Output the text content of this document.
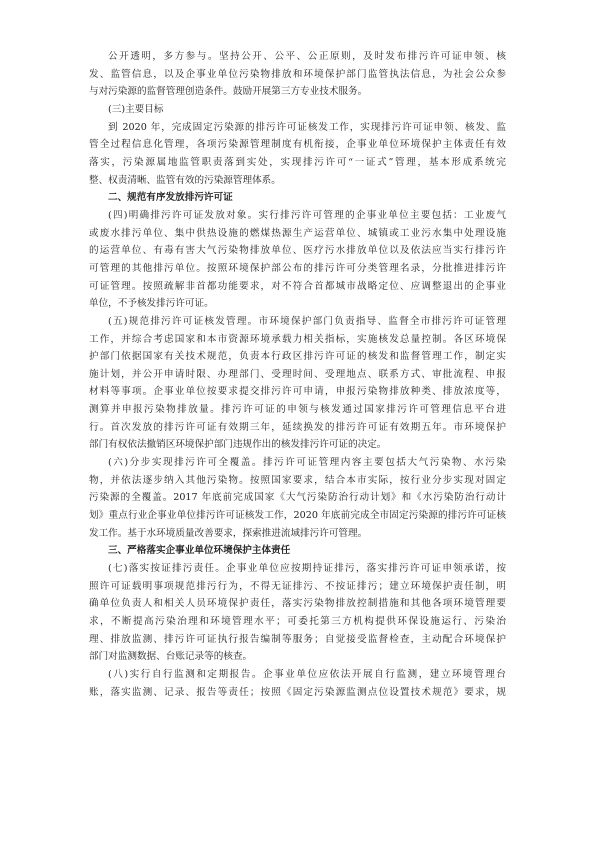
公开透明，多方参与。坚持公开、公平、公正原则，及时发布排污许可证申领、核
发、监管信息，以及企事业单位污染物排放和环境保护部门监管执法信息，为社会公众参
与对污染源的监督管理创造条件。鼓励开展第三方专业技术服务。
(三)主要目标
到 2020 年，完成固定污染源的排污许可证核发工作，实现排污许可证申领、核发、监
管全过程信息化管理，各项污染源管理制度有机衔接，企事业单位环境保护主体责任有效
落实，污染源属地监管职责落到实处，实现排污许可“一证式”管理，基本形成系统完
整、权责清晰、监管有效的污染源管理体系。
二、规范有序发放排污许可证
(四)明确排污许可证发放对象。实行排污许可管理的企事业单位主要包括：工业废气
或废水排污单位、集中供热设施的燃煤热源生产运营单位、城镇或工业污水集中处理设施
的运营单位、有毒有害大气污染物排放单位、医疗污水排放单位以及依法应当实行排污许
可管理的其他排污单位。按照环境保护部公布的排污许可分类管理名录，分批推进排污许
可证管理。按照疏解非首都功能要求，对不符合首都城市战略定位、应调整退出的企事业
单位，不予核发排污许可证。
(五)规范排污许可证核发管理。市环境保护部门负责指导、监督全市排污许可证管理
工作，并综合考虑国家和本市资源环境承载力相关指标，实施核发总量控制。各区环境保
护部门依据国家有关技术规范，负责本行政区排污许可证的核发和监督管理工作，制定实
施计划，并公开申请时限、办理部门、受理时间、受理地点、联系方式、审批流程、申报
材料等事项。企事业单位按要求提交排污许可申请，申报污染物排放种类、排放浓度等，
测算并申报污染物排放量。排污许可证的申领与核发通过国家排污许可管理信息平台进
行。首次发放的排污许可证有效期三年，延续换发的排污许可证有效期五年。市环境保护
部门有权依法撤销区环境保护部门违规作出的核发排污许可证的决定。
(六)分步实现排污许可全覆盖。排污许可证管理内容主要包括大气污染物、水污染
物，并依法逐步纳入其他污染物。按照国家要求，结合本市实际，按行业分步实现对固定
污染源的全覆盖。2017 年底前完成国家《大气污染防治行动计划》和《水污染防治行动计
划》重点行业企事业单位排污许可证核发工作，2020 年底前完成全市固定污染源的排污许可证核
发工作。基于水环境质量改善要求，探索推进流域排污许可管理。
三、严格落实企事业单位环境保护主体责任
(七)落实按证排污责任。企事业单位应按期持证排污，落实排污许可证申领承诺，按
照许可证载明事项规范排污行为，不得无证排污、不按证排污；建立环境保护责任制，明
确单位负责人和相关人员环境保护责任，落实污染物排放控制措施和其他各项环境管理要
求，不断提高污染治理和环境管理水平；可委托第三方机构提供环保设施运行、污染治
理、排放监测、排污许可证执行报告编制等服务；自觉接受监督检查，主动配合环境保护
部门对监测数据、台账记录等的核查。
(八)实行自行监测和定期报告。企事业单位应依法开展自行监测，建立环境管理台
账，落实监测、记录、报告等责任；按照《固定污染源监测点位设置技术规范》要求，规
